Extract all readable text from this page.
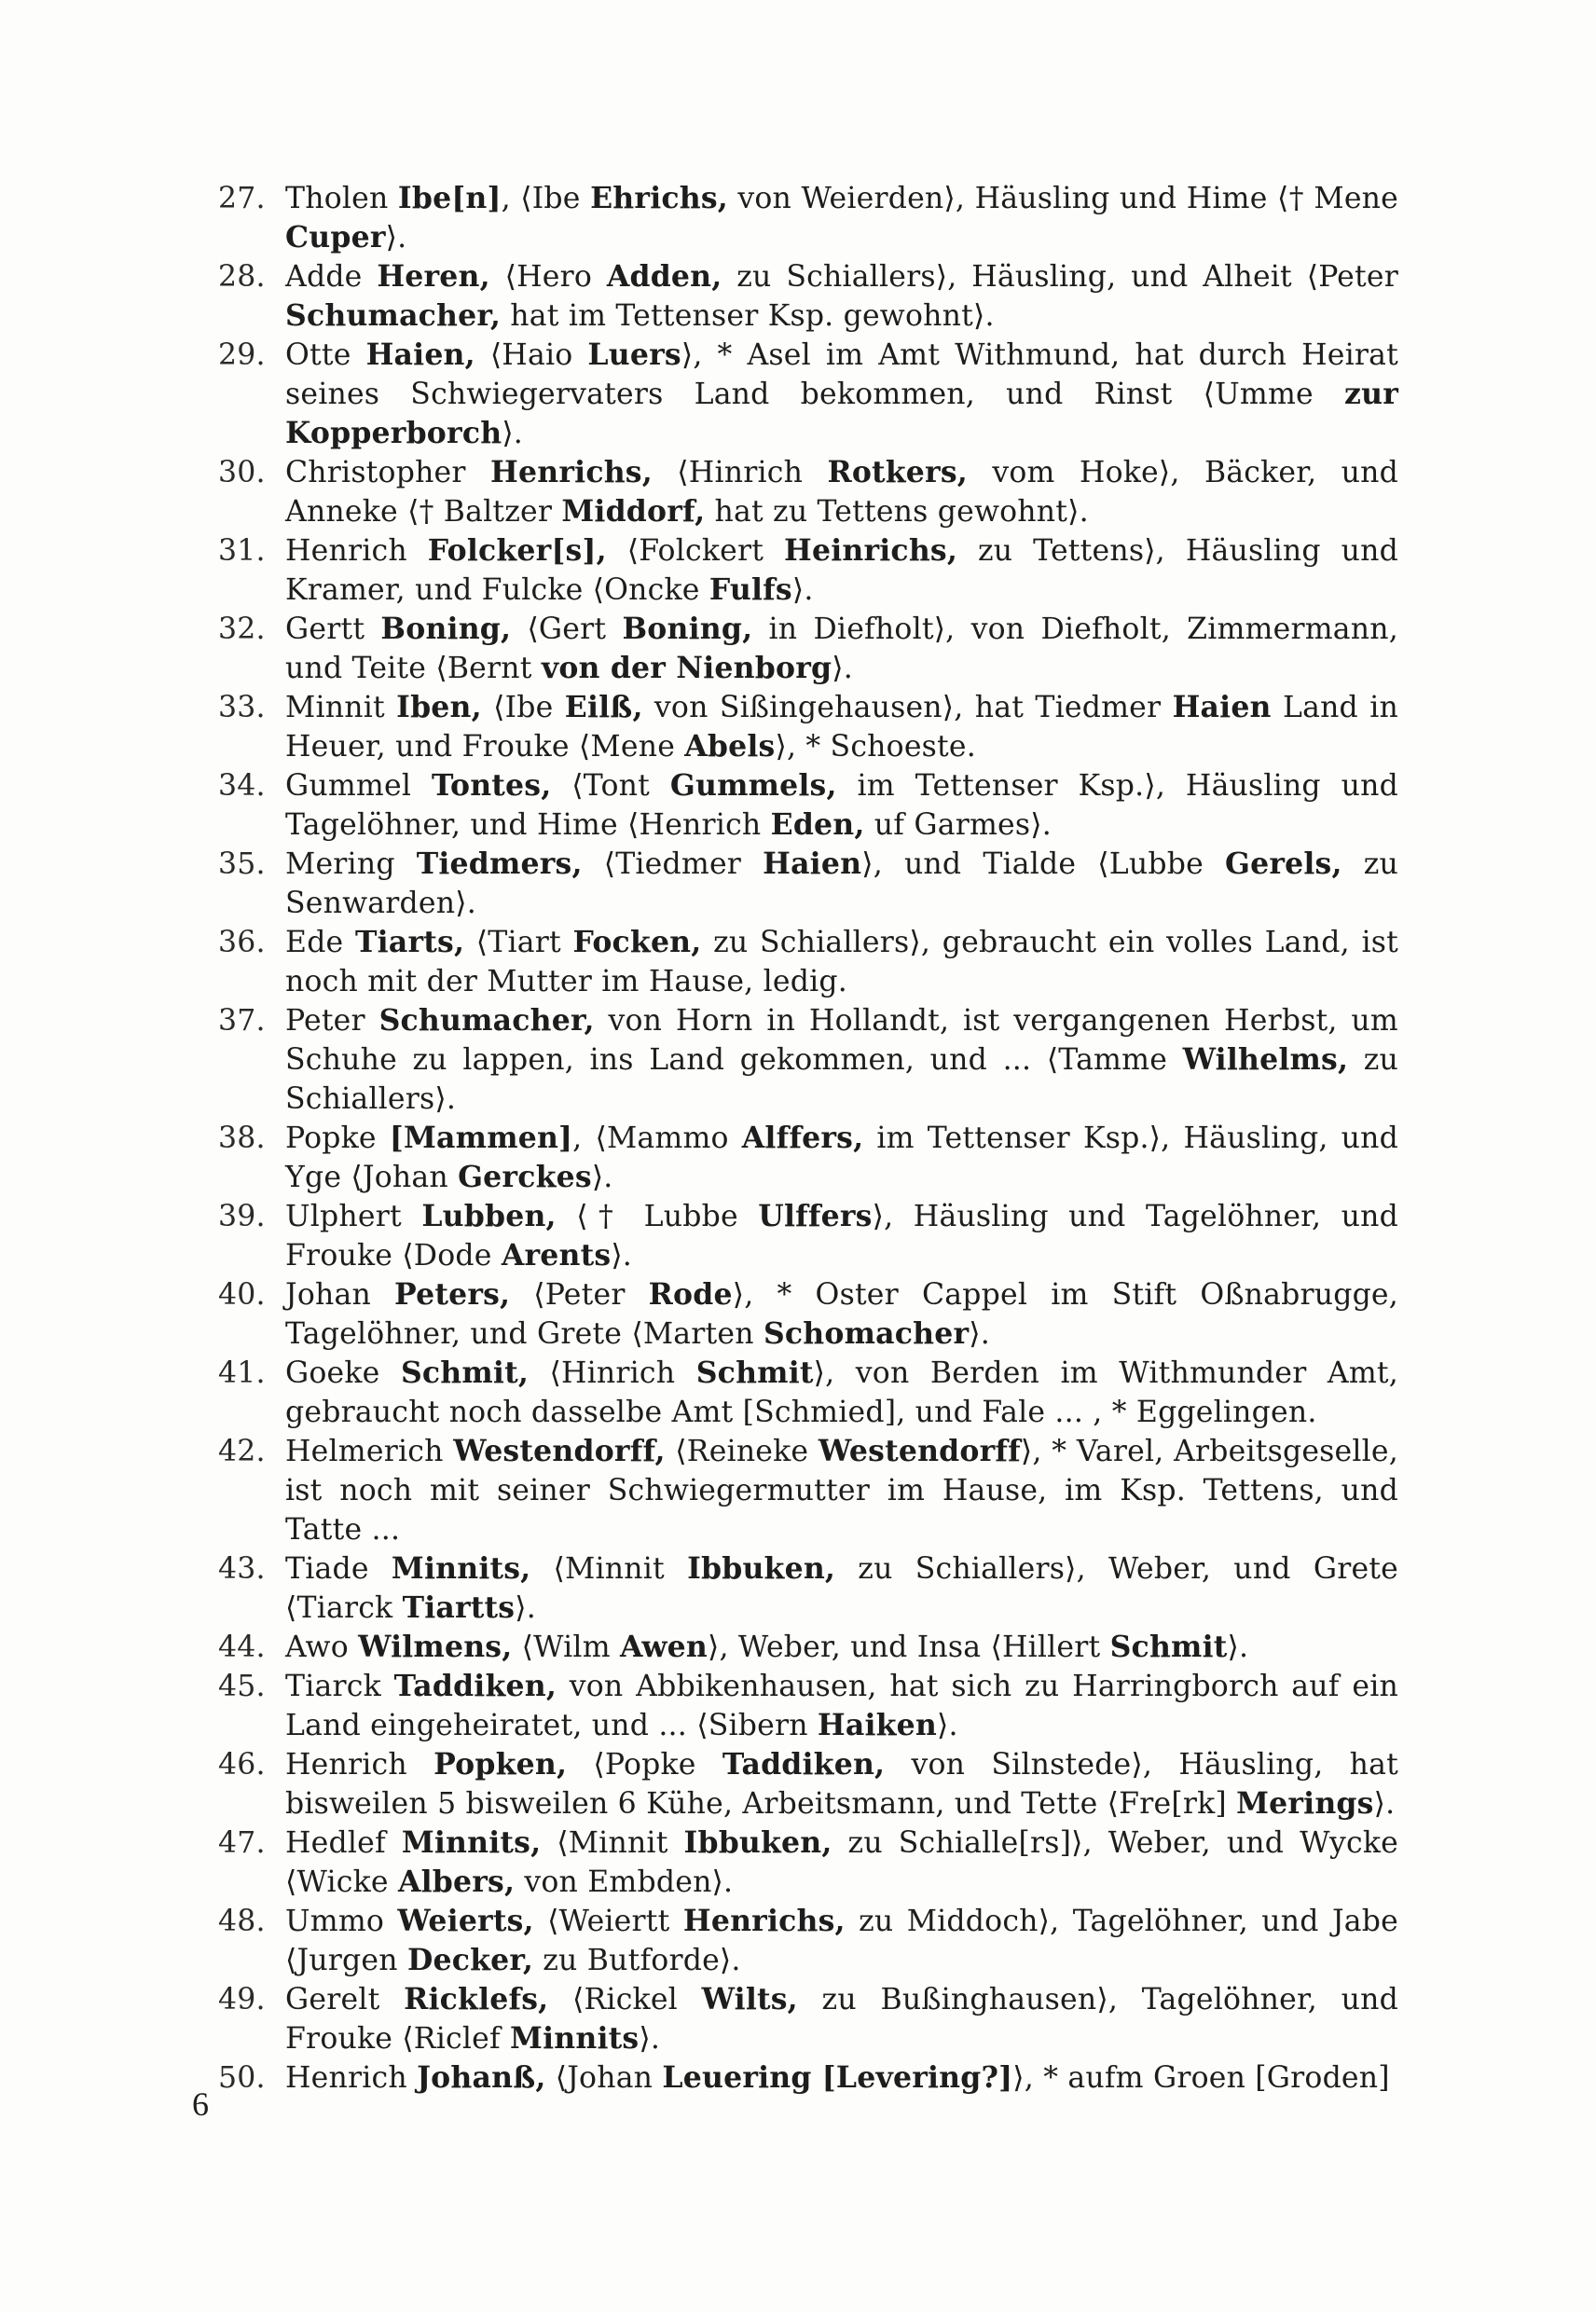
27. Tholen Ibe[n], ⟨Ibe Ehrichs, von Weierden⟩, Häusling und Hime ⟨† Mene Cuper⟩.
28. Adde Heren, ⟨Hero Adden, zu Schiallers⟩, Häusling, und Alheit ⟨Peter Schumacher, hat im Tettenser Ksp. gewohnt⟩.
29. Otte Haien, ⟨Haio Luers⟩, * Asel im Amt Withmund, hat durch Heirat seines Schwiegervaters Land bekommen, und Rinst ⟨Umme zur Kopperborch⟩.
30. Christopher Henrichs, ⟨Hinrich Rotkers, vom Hoke⟩, Bäcker, und Anneke ⟨† Baltzer Middorf, hat zu Tettens gewohnt⟩.
31. Henrich Folcker[s], ⟨Folckert Heinrichs, zu Tettens⟩, Häusling und Kramer, und Fulcke ⟨Oncke Fulfs⟩.
32. Gertt Boning, ⟨Gert Boning, in Diefholt⟩, von Diefholt, Zimmermann, und Teite ⟨Bernt von der Nienborg⟩.
33. Minnit Iben, ⟨Ibe Eilß, von Sißingehausen⟩, hat Tiedmer Haien Land in Heuer, und Frouke ⟨Mene Abels⟩, * Schoeste.
34. Gummel Tontes, ⟨Tont Gummels, im Tettenser Ksp.⟩, Häusling und Tagelöhner, und Hime ⟨Henrich Eden, uf Garmes⟩.
35. Mering Tiedmers, ⟨Tiedmer Haien⟩, und Tialde ⟨Lubbe Gerels, zu Senwarden⟩.
36. Ede Tiarts, ⟨Tiart Focken, zu Schiallers⟩, gebraucht ein volles Land, ist noch mit der Mutter im Hause, ledig.
37. Peter Schumacher, von Horn in Hollandt, ist vergangenen Herbst, um Schuhe zu lappen, ins Land gekommen, und ... ⟨Tamme Wilhelms, zu Schiallers⟩.
38. Popke [Mammen], ⟨Mammo Alffers, im Tettenser Ksp.⟩, Häusling, und Yge ⟨Johan Gerckes⟩.
39. Ulphert Lubben, ⟨† Lubbe Ulffers⟩, Häusling und Tagelöhner, und Frouke ⟨Dode Arents⟩.
40. Johan Peters, ⟨Peter Rode⟩, * Oster Cappel im Stift Oßnabrugge, Tagelöhner, und Grete ⟨Marten Schomacher⟩.
41. Goeke Schmit, ⟨Hinrich Schmit⟩, von Berden im Withmunder Amt, gebraucht noch dasselbe Amt [Schmied], und Fale ... , * Eggelingen.
42. Helmerich Westendorff, ⟨Reineke Westendorff⟩, * Varel, Arbeitsgeselle, ist noch mit seiner Schwiegermutter im Hause, im Ksp. Tettens, und Tatte ...
43. Tiade Minnits, ⟨Minnit Ibbuken, zu Schiallers⟩, Weber, und Grete ⟨Tiarck Tiartts⟩.
44. Awo Wilmens, ⟨Wilm Awen⟩, Weber, und Insa ⟨Hillert Schmit⟩.
45. Tiarck Taddiken, von Abbikenhausen, hat sich zu Harringborch auf ein Land eingeheiratet, und ... ⟨Sibern Haiken⟩.
46. Henrich Popken, ⟨Popke Taddiken, von Silnstede⟩, Häusling, hat bisweilen 5 bisweilen 6 Kühe, Arbeitsmann, und Tette ⟨Fre[rk] Merings⟩.
47. Hedlef Minnits, ⟨Minnit Ibbuken, zu Schialle[rs]⟩, Weber, und Wycke ⟨Wicke Albers, von Embden⟩.
48. Ummo Weierts, ⟨Weiertt Henrichs, zu Middoch⟩, Tagelöhner, und Jabe ⟨Jurgen Decker, zu Butforde⟩.
49. Gerelt Ricklefs, ⟨Rickel Wilts, zu Bußinghausen⟩, Tagelöhner, und Frouke ⟨Riclef Minnits⟩.
50. Henrich Johanß, ⟨Johan Leuering [Levering?]⟩, * aufm Groen [Groden]
6
